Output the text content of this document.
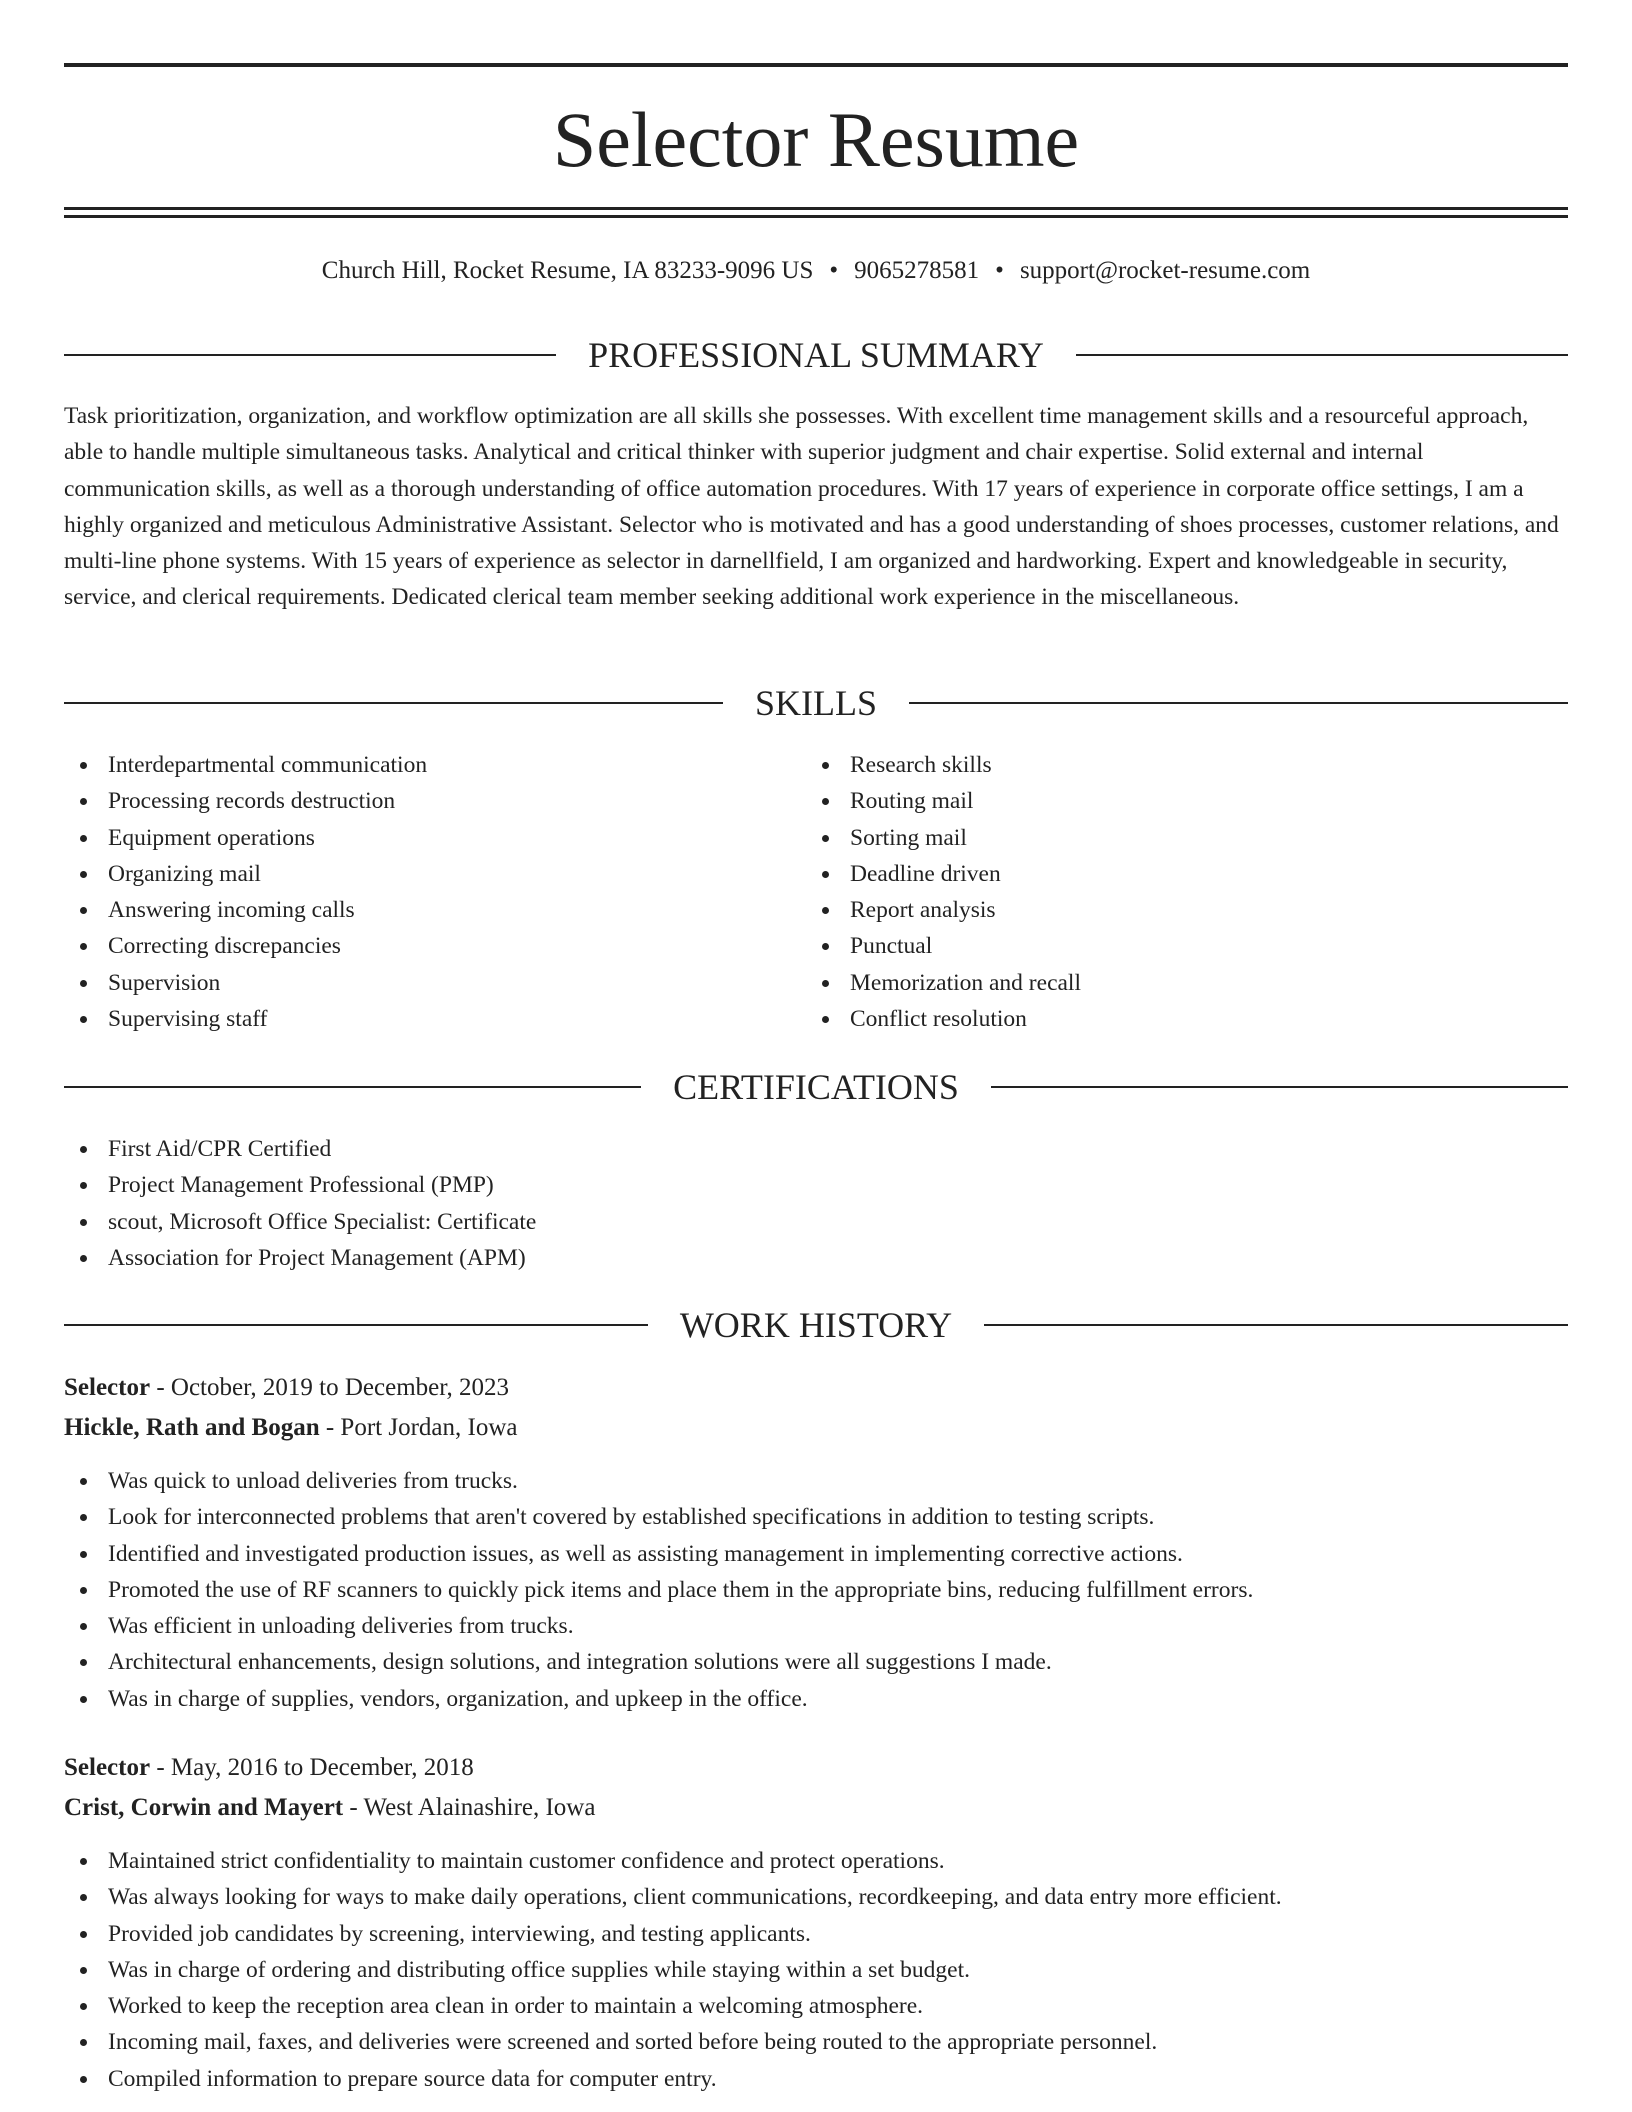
Selector Resume
Church Hill, Rocket Resume, IA 83233-9096 US • 9065278581 • support@rocket-resume.com
PROFESSIONAL SUMMARY
Task prioritization, organization, and workflow optimization are all skills she possesses. With excellent time management skills and a resourceful approach, able to handle multiple simultaneous tasks. Analytical and critical thinker with superior judgment and chair expertise. Solid external and internal communication skills, as well as a thorough understanding of office automation procedures. With 17 years of experience in corporate office settings, I am a highly organized and meticulous Administrative Assistant. Selector who is motivated and has a good understanding of shoes processes, customer relations, and multi-line phone systems. With 15 years of experience as selector in darnellfield, I am organized and hardworking. Expert and knowledgeable in security, service, and clerical requirements. Dedicated clerical team member seeking additional work experience in the miscellaneous.
SKILLS
Interdepartmental communication
Processing records destruction
Equipment operations
Organizing mail
Answering incoming calls
Correcting discrepancies
Supervision
Supervising staff
Research skills
Routing mail
Sorting mail
Deadline driven
Report analysis
Punctual
Memorization and recall
Conflict resolution
CERTIFICATIONS
First Aid/CPR Certified
Project Management Professional (PMP)
scout, Microsoft Office Specialist: Certificate
Association for Project Management (APM)
WORK HISTORY
Selector - October, 2019 to December, 2023
Hickle, Rath and Bogan - Port Jordan, Iowa
Was quick to unload deliveries from trucks.
Look for interconnected problems that aren't covered by established specifications in addition to testing scripts.
Identified and investigated production issues, as well as assisting management in implementing corrective actions.
Promoted the use of RF scanners to quickly pick items and place them in the appropriate bins, reducing fulfillment errors.
Was efficient in unloading deliveries from trucks.
Architectural enhancements, design solutions, and integration solutions were all suggestions I made.
Was in charge of supplies, vendors, organization, and upkeep in the office.
Selector - May, 2016 to December, 2018
Crist, Corwin and Mayert - West Alainashire, Iowa
Maintained strict confidentiality to maintain customer confidence and protect operations.
Was always looking for ways to make daily operations, client communications, recordkeeping, and data entry more efficient.
Provided job candidates by screening, interviewing, and testing applicants.
Was in charge of ordering and distributing office supplies while staying within a set budget.
Worked to keep the reception area clean in order to maintain a welcoming atmosphere.
Incoming mail, faxes, and deliveries were screened and sorted before being routed to the appropriate personnel.
Compiled information to prepare source data for computer entry.
